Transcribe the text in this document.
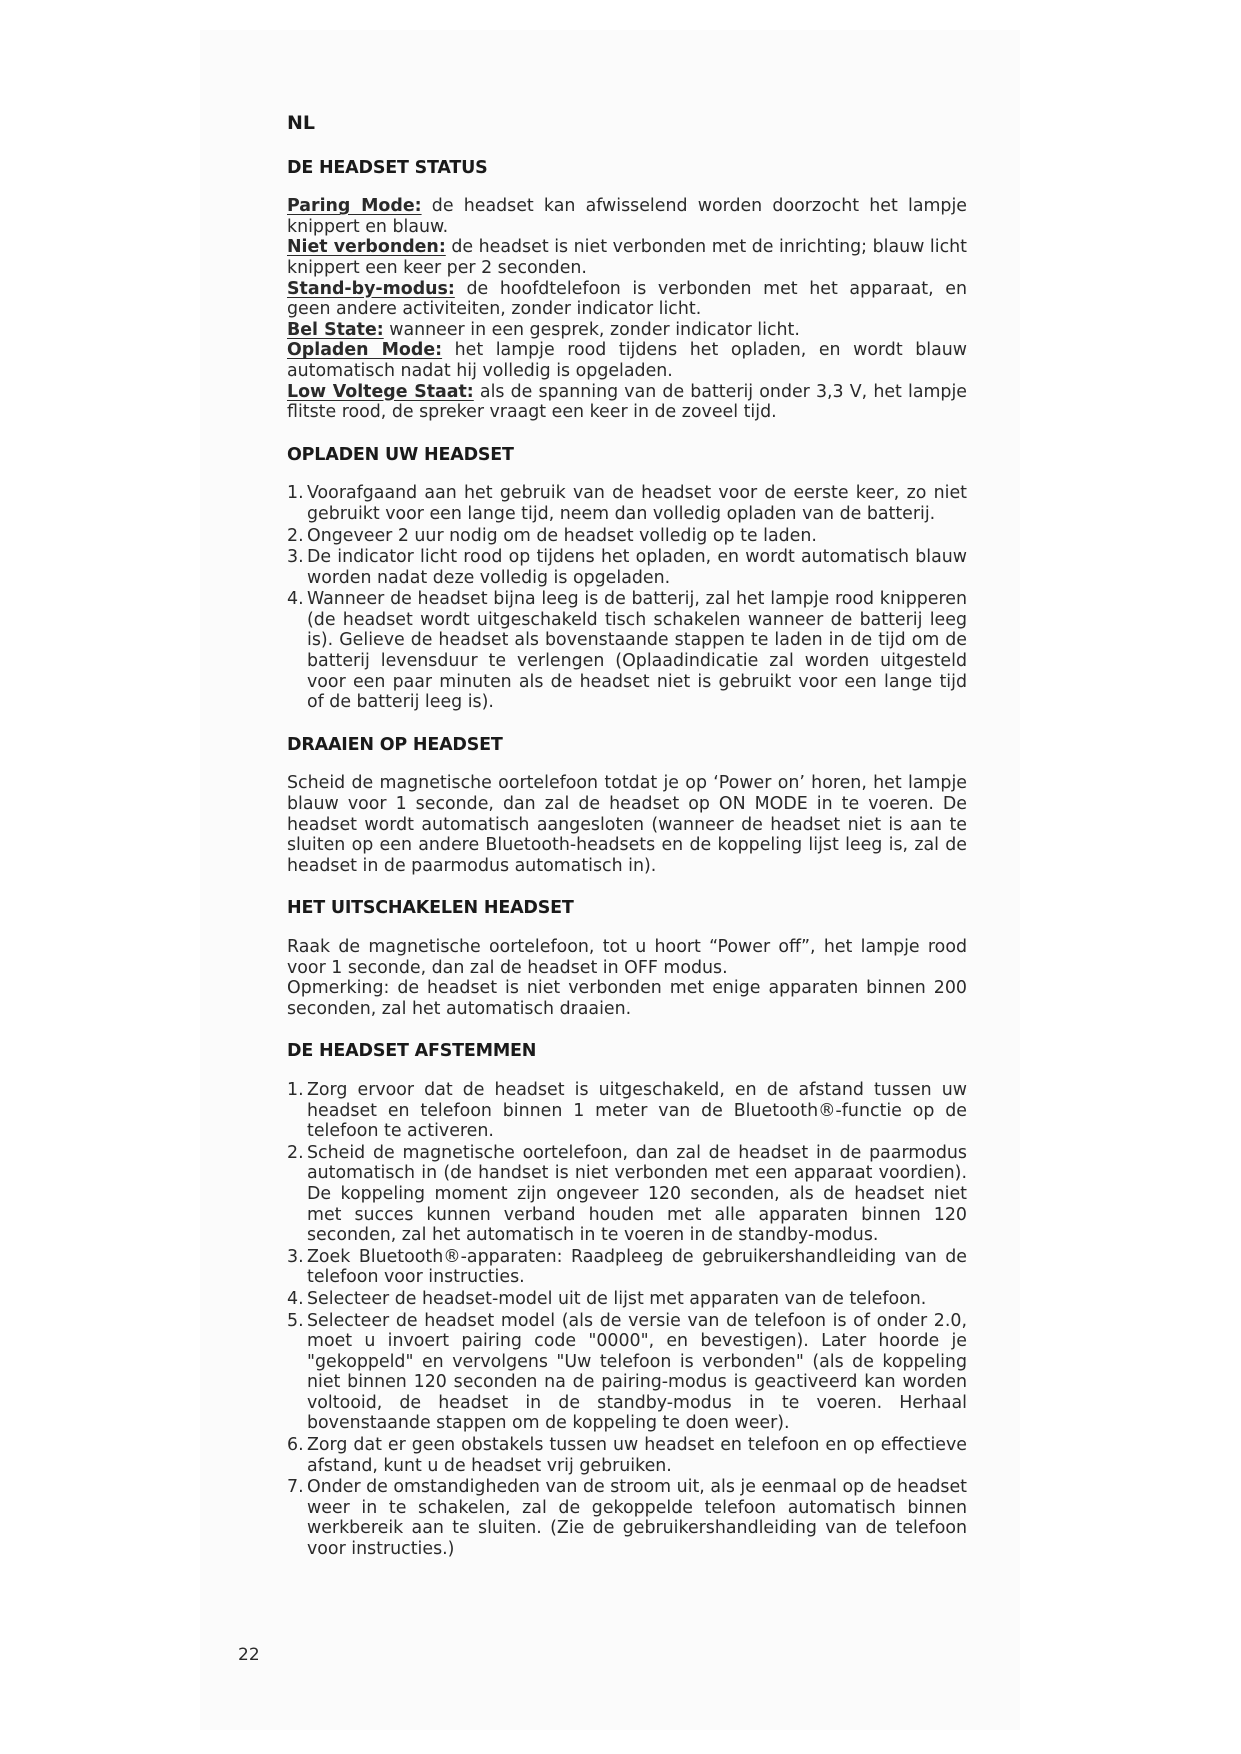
NL
DE HEADSET STATUS

Paring Mode: de headset kan afwisselend worden doorzocht het lampje knippert en blauw.

Niet verbonden: de headset is niet verbonden met de inrichting; blauw licht knippert een keer per 2 seconden.

Stand-by-modus: de hoofdtelefoon is verbonden met het apparaat, en geen andere activiteiten, zonder indicator licht.

Bel State: wanneer in een gesprek, zonder indicator licht.

Opladen Mode: het lampje rood tijdens het opladen, en wordt blauw automatisch nadat hij volledig is opgeladen.

Low Voltege Staat: als de spanning van de batterij onder 3,3 V, het lampje flitste rood, de spreker vraagt een keer in de zoveel tijd.

OPLADEN UW HEADSET
1. Voorafgaand aan het gebruik van de headset voor de eerste keer, zo niet gebruikt voor een lange tijd, neem dan volledig opladen van de batterij.
2. Ongeveer 2 uur nodig om de headset volledig op te laden.
3. De indicator licht rood op tijdens het opladen, en wordt automatisch blauw worden nadat deze volledig is opgeladen.
4. Wanneer de headset bijna leeg is de batterij, zal het lampje rood knipperen (de headset wordt uitgeschakeld tisch schakelen wanneer de batterij leeg is). Gelieve de headset als bovenstaande stappen te laden in de tijd om de batterij levensduur te verlengen (Oplaadindicatie zal worden uitgesteld voor een paar minuten als de headset niet is gebruikt voor een lange tijd of de batterij leeg is).
DRAAIEN OP HEADSET

Scheid de magnetische oortelefoon totdat je op ‘Power on’ horen, het lampje blauw voor 1 seconde, dan zal de headset op ON MODE in te voeren. De headset wordt automatisch aangesloten (wanneer de headset niet is aan te sluiten op een andere Bluetooth-headsets en de koppeling lijst leeg is, zal de headset in de paarmodus automatisch in).

HET UITSCHAKELEN HEADSET

Raak de magnetische oortelefoon, tot u hoort “Power off”, het lampje rood voor 1 seconde, dan zal de headset in OFF modus.

Opmerking: de headset is niet verbonden met enige apparaten binnen 200 seconden, zal het automatisch draaien.

DE HEADSET AFSTEMMEN
1. Zorg ervoor dat de headset is uitgeschakeld, en de afstand tussen uw headset en telefoon binnen 1 meter van de Bluetooth®-functie op de telefoon te activeren.
2. Scheid de magnetische oortelefoon, dan zal de headset in de paarmodus automatisch in (de handset is niet verbonden met een apparaat voordien). De koppeling moment zijn ongeveer 120 seconden, als de headset niet met succes kunnen verband houden met alle apparaten binnen 120 seconden, zal het automatisch in te voeren in de standby-modus.
3. Zoek Bluetooth®-apparaten: Raadpleeg de gebruikershandleiding van de telefoon voor instructies.
4. Selecteer de headset-model uit de lijst met apparaten van de telefoon.
5. Selecteer de headset model (als de versie van de telefoon is of onder 2.0, moet u invoert pairing code "0000", en bevestigen). Later hoorde je "gekoppeld" en vervolgens "Uw telefoon is verbonden" (als de koppeling niet binnen 120 seconden na de pairing-modus is geactiveerd kan worden voltooid, de headset in de standby-modus in te voeren. Herhaal bovenstaande stappen om de koppeling te doen weer).
6. Zorg dat er geen obstakels tussen uw headset en telefoon en op effectieve afstand, kunt u de headset vrij gebruiken.
7. Onder de omstandigheden van de stroom uit, als je eenmaal op de headset weer in te schakelen, zal de gekoppelde telefoon automatisch binnen werkbereik aan te sluiten. (Zie de gebruikershandleiding van de telefoon voor instructies.)
22
